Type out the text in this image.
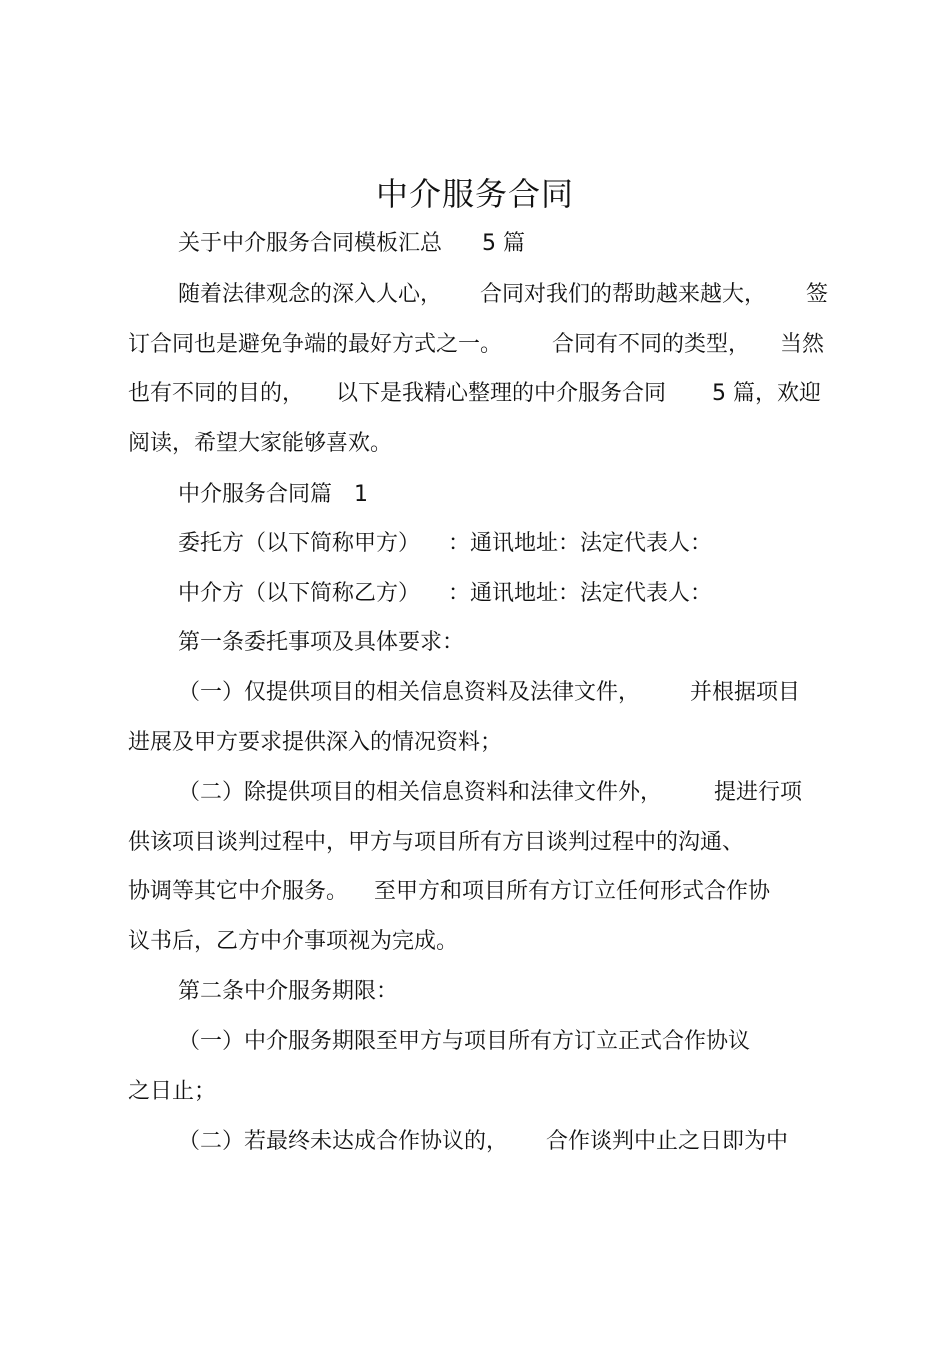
中介服务合同
关于中介服务合同模板汇总 5 篇
随着法律观念的深入人心， 合同对我们的帮助越来越大， 签
订合同也是避免争端的最好方式之一。 合同有不同的类型， 当然
也有不同的目的， 以下是我精心整理的中介服务合同 5 篇，欢迎
阅读，希望大家能够喜欢。
中介服务合同篇 1
委托方（以下简称甲方） ：通讯地址：法定代表人：
中介方（以下简称乙方） ：通讯地址：法定代表人：
第一条委托事项及具体要求：
（一）仅提供项目的相关信息资料及法律文件， 并根据项目
进展及甲方要求提供深入的情况资料；
（二）除提供项目的相关信息资料和法律文件外， 提进行项
供该项目谈判过程中，甲方与项目所有方目谈判过程中的沟通、
协调等其它中介服务。 至甲方和项目所有方订立任何形式合作协
议书后，乙方中介事项视为完成。
第二条中介服务期限：
（一）中介服务期限至甲方与项目所有方订立正式合作协议
之日止；
（二）若最终未达成合作协议的， 合作谈判中止之日即为中
